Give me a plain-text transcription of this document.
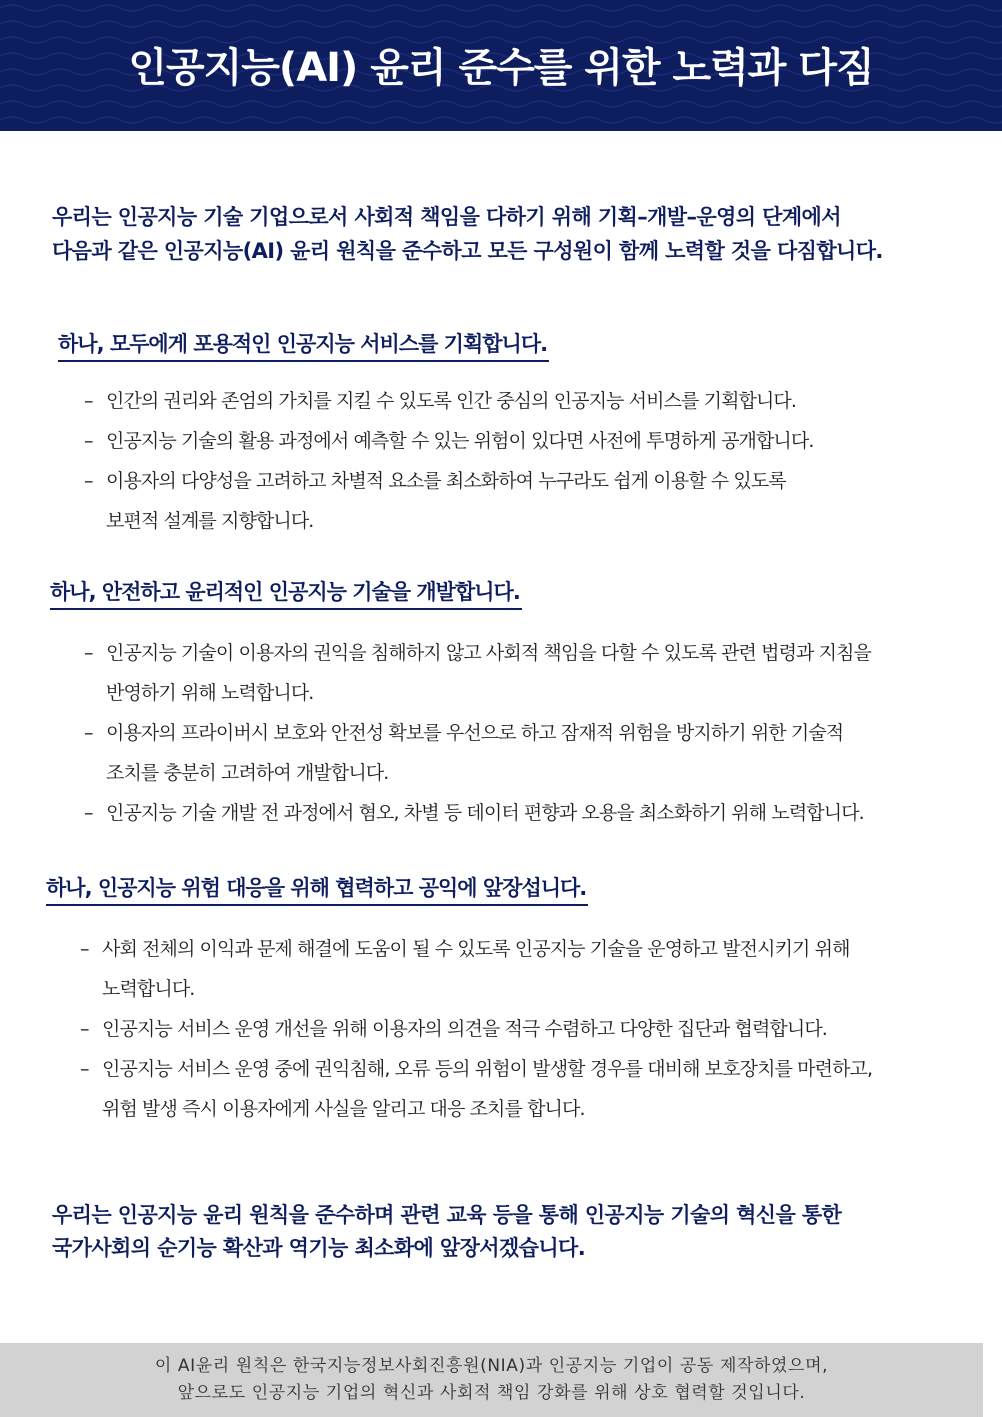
인공지능(AI) 윤리 준수를 위한 노력과 다짐
우리는 인공지능 기술 기업으로서 사회적 책임을 다하기 위해 기획–개발–운영의 단계에서
다음과 같은 인공지능(AI) 윤리 원칙을 준수하고 모든 구성원이 함께 노력할 것을 다짐합니다.
하나, 모두에게 포용적인 인공지능 서비스를 기획합니다.
– 인간의 권리와 존엄의 가치를 지킬 수 있도록 인간 중심의 인공지능 서비스를 기획합니다.
– 인공지능 기술의 활용 과정에서 예측할 수 있는 위험이 있다면 사전에 투명하게 공개합니다.
– 이용자의 다양성을 고려하고 차별적 요소를 최소화하여 누구라도 쉽게 이용할 수 있도록
보편적 설계를 지향합니다.
하나, 안전하고 윤리적인 인공지능 기술을 개발합니다.
– 인공지능 기술이 이용자의 권익을 침해하지 않고 사회적 책임을 다할 수 있도록 관련 법령과 지침을
반영하기 위해 노력합니다.
– 이용자의 프라이버시 보호와 안전성 확보를 우선으로 하고 잠재적 위험을 방지하기 위한 기술적
조치를 충분히 고려하여 개발합니다.
– 인공지능 기술 개발 전 과정에서 혐오, 차별 등 데이터 편향과 오용을 최소화하기 위해 노력합니다.
하나, 인공지능 위험 대응을 위해 협력하고 공익에 앞장섭니다.
– 사회 전체의 이익과 문제 해결에 도움이 될 수 있도록 인공지능 기술을 운영하고 발전시키기 위해
노력합니다.
– 인공지능 서비스 운영 개선을 위해 이용자의 의견을 적극 수렴하고 다양한 집단과 협력합니다.
– 인공지능 서비스 운영 중에 권익침해, 오류 등의 위험이 발생할 경우를 대비해 보호장치를 마련하고,
위험 발생 즉시 이용자에게 사실을 알리고 대응 조치를 합니다.
우리는 인공지능 윤리 원칙을 준수하며 관련 교육 등을 통해 인공지능 기술의 혁신을 통한
국가사회의 순기능 확산과 역기능 최소화에 앞장서겠습니다.
이 AI윤리 원칙은 한국지능정보사회진흥원(NIA)과 인공지능 기업이 공동 제작하였으며,
앞으로도 인공지능 기업의 혁신과 사회적 책임 강화를 위해 상호 협력할 것입니다.
